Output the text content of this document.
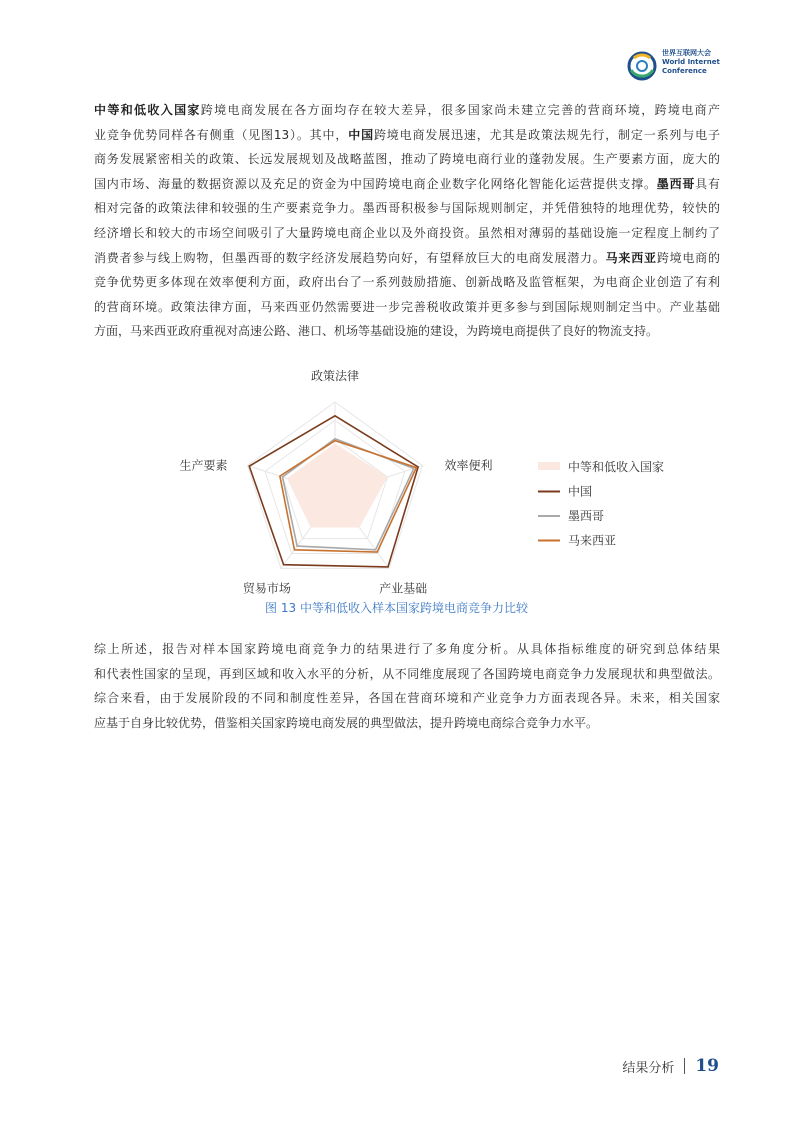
世界互联网大会
World Internet
Conference
中等和低收入国家跨境电商发展在各方面均存在较大差异，很多国家尚未建立完善的营商环境，跨境电商产
业竞争优势同样各有侧重（见图13）。其中，中国跨境电商发展迅速，尤其是政策法规先行，制定一系列与电子
商务发展紧密相关的政策、长远发展规划及战略蓝图，推动了跨境电商行业的蓬勃发展。生产要素方面，庞大的
国内市场、海量的数据资源以及充足的资金为中国跨境电商企业数字化网络化智能化运营提供支撑。墨西哥具有
相对完备的政策法律和较强的生产要素竞争力。墨西哥积极参与国际规则制定，并凭借独特的地理优势，较快的
经济增长和较大的市场空间吸引了大量跨境电商企业以及外商投资。虽然相对薄弱的基础设施一定程度上制约了
消费者参与线上购物，但墨西哥的数字经济发展趋势向好，有望释放巨大的电商发展潜力。马来西亚跨境电商的
竞争优势更多体现在效率便利方面，政府出台了一系列鼓励措施、创新战略及监管框架，为电商企业创造了有利
的营商环境。政策法律方面，马来西亚仍然需要进一步完善税收政策并更多参与到国际规则制定当中。产业基础
方面，马来西亚政府重视对高速公路、港口、机场等基础设施的建设，为跨境电商提供了良好的物流支持。
政策法律
效率便利
产业基础
贸易市场
生产要素	中等和低收入国家
中国
墨西哥
马来西亚
图 13 中等和低收入样本国家跨境电商竞争力比较
综上所述，报告对样本国家跨境电商竞争力的结果进行了多角度分析。从具体指标维度的研究到总体结果
和代表性国家的呈现，再到区域和收入水平的分析，从不同维度展现了各国跨境电商竞争力发展现状和典型做法。
综合来看，由于发展阶段的不同和制度性差异，各国在营商环境和产业竞争力方面表现各异。未来，相关国家
应基于自身比较优势，借鉴相关国家跨境电商发展的典型做法，提升跨境电商综合竞争力水平。
结果分析 19
